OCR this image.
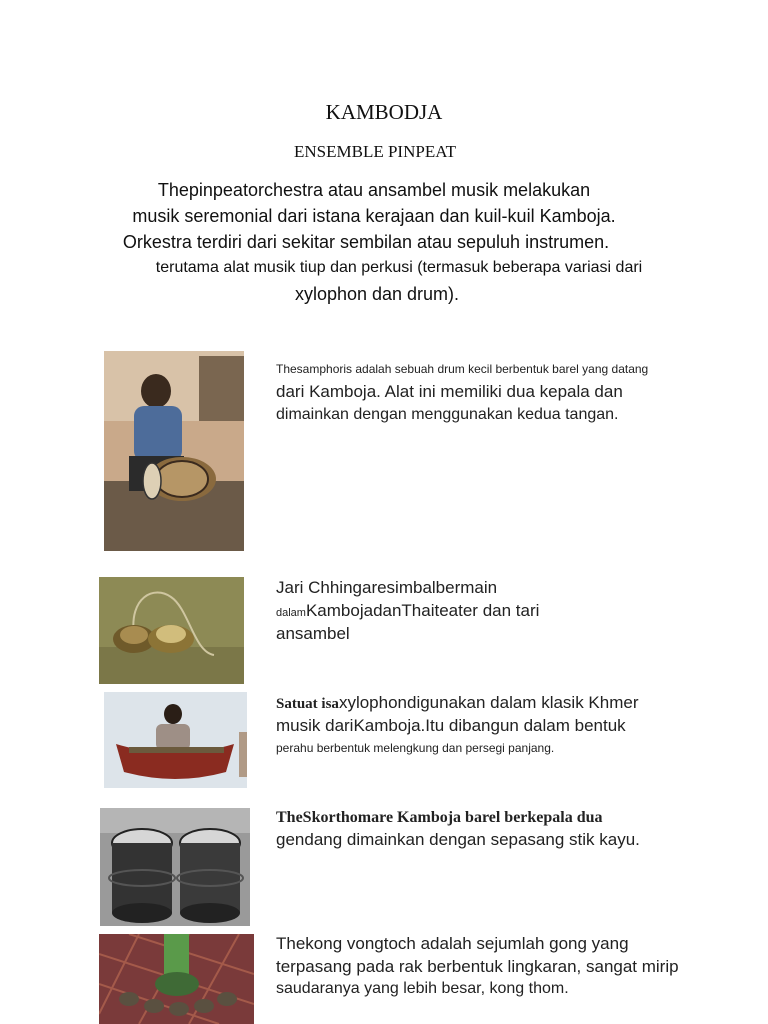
KAMBODJA
ENSEMBLE PINPEAT
Thepinpeatorchestra atau ansambel musik melakukan
musik seremonial dari istana kerajaan dan kuil-kuil Kamboja.
Orkestra terdiri dari sekitar sembilan atau sepuluh instrumen.
terutama alat musik tiup dan perkusi (termasuk beberapa variasi dari
xylophon dan drum).
Thesamphoris adalah sebuah drum kecil berbentuk barel yang datang
dari Kamboja. Alat ini memiliki dua kepala dan
dimainkan dengan menggunakan kedua tangan.
Jari Chhingaresimbalbermain
dalamKambojadanThaiteater dan tari
ansambel
Satuat isaxylophondigunakan dalam klasik Khmer
musik dariKamboja.Itu dibangun dalam bentuk
perahu berbentuk melengkung dan persegi panjang.
TheSkorthomare Kamboja barel berkepala dua
gendang dimainkan dengan sepasang stik kayu.
Thekong vongtoch adalah sejumlah gong yang
terpasang pada rak berbentuk lingkaran, sangat mirip
saudaranya yang lebih besar, kong thom.
